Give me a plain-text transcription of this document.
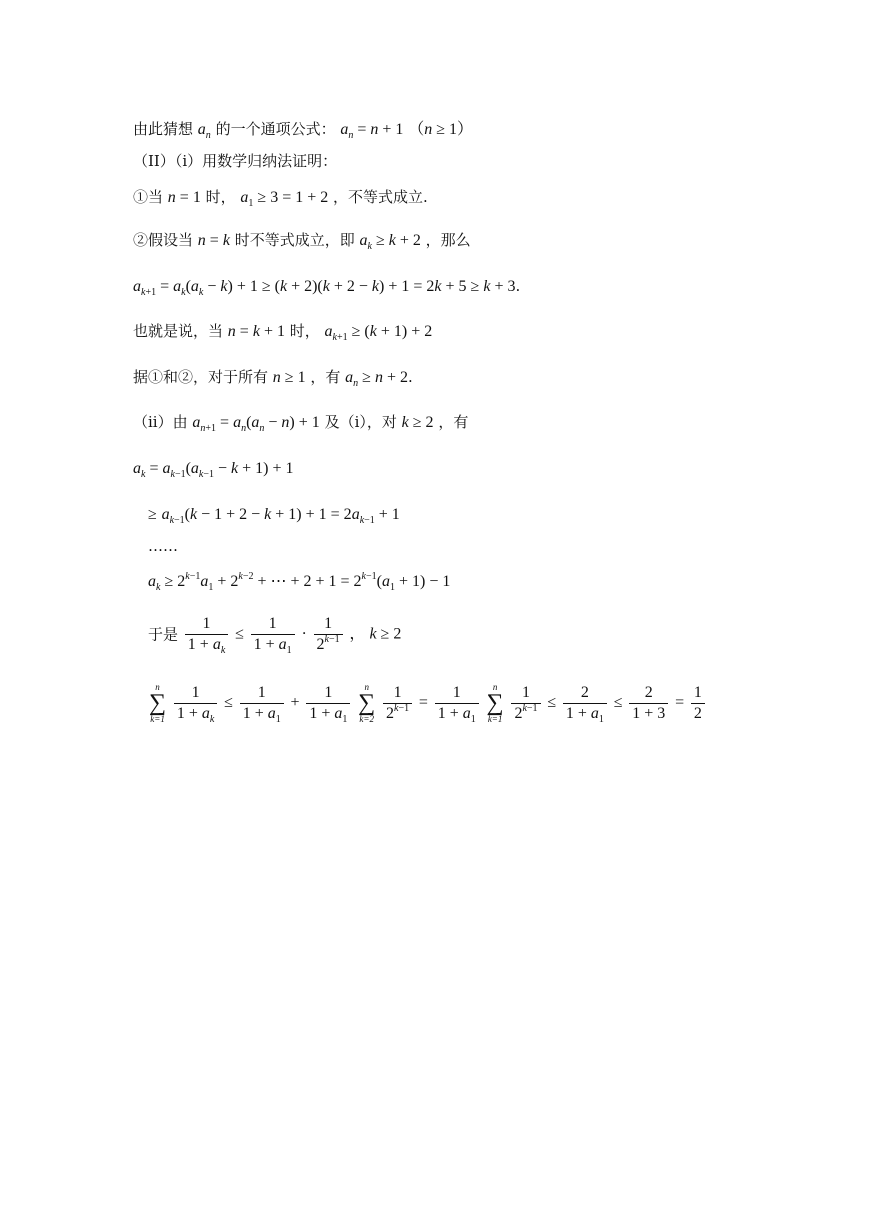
由此猜想 $a_n$ 的一个通项公式： $a_n = n + 1$ （n ≥ 1）
（II）（i）用数学归纳法证明：
①当 n = 1 时， $a_1 \ge 3 = 1 + 2$ ，不等式成立.
②假设当 n = k 时不等式成立，即 $a_k \ge k + 2$ ，那么
$a_{k+1} = a_k(a_k - k) + 1 \ge (k + 2)(k + 2 - k) + 1 = 2k + 5 \ge k + 3$.
也就是说，当 n = k + 1 时， $a_{k+1} \ge (k + 1) + 2$
据①和②，对于所有 n ≥ 1 ，有 $a_n \ge n + 2$.
（ii）由 $a_{n+1} = a_n(a_n - n) + 1$ 及（i），对 k ≥ 2 ，有
$a_k = a_{k-1}(a_{k-1} - k + 1) + 1$
≥ $a_{k-1}(k - 1 + 2 - k + 1) + 1 = 2a_{k-1} + 1$
……
$a_k \ge 2^{k-1}a_1 + 2^{k-2}$ + ⋯ + $2 + 1 = 2^{k-1}(a_1 + 1) - 1$
于是 $\frac{1}{1 + a_k} \le \frac{1}{1 + a_1} \cdot \frac{1}{2^{k-1}}$ ， k ≥ 2
n
∑
k=1
$\frac{1}{1 + a_k} \le \frac{1}{1 + a_1} + \frac{1}{1 + a_1}$
	n
∑
k=2
$\frac{1}{2^{k-1}} = \frac{1}{1 + a_1}$
	n
∑
k=1
$\frac{1}{2^{k-1}} \le \frac{2}{1 + a_1} \le \frac{2}{1 + 3} = \frac{1}{2}$
